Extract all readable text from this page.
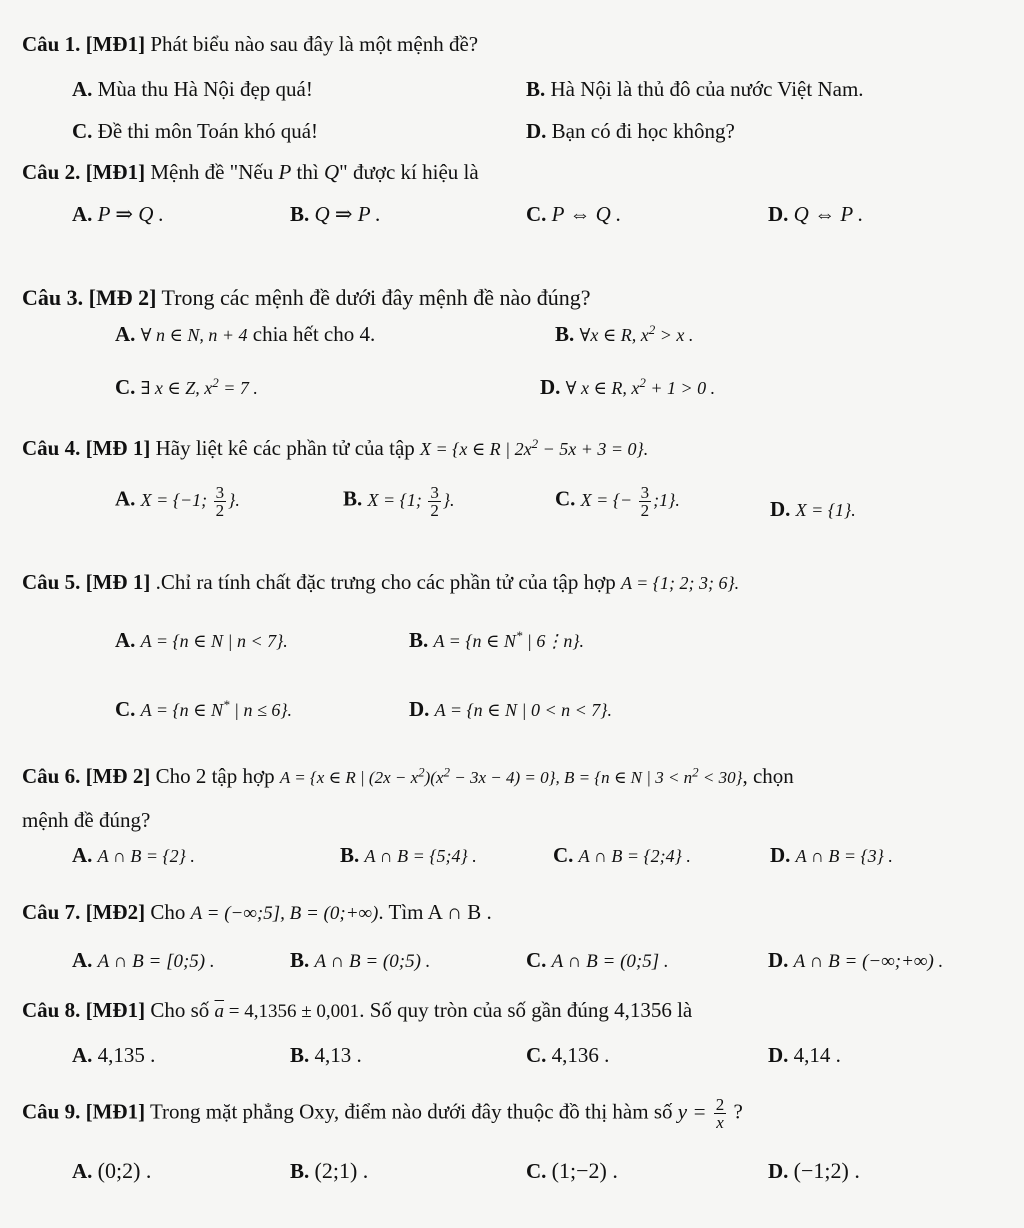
Câu 1. [MĐ1] Phát biểu nào sau đây là một mệnh đề?
A. Mùa thu Hà Nội đẹp quá!	B. Hà Nội là thủ đô của nước Việt Nam.
C. Đề thi môn Toán khó quá!	D. Bạn có đi học không?
Câu 2. [MĐ1] Mệnh đề "Nếu P thì Q" được kí hiệu là
A. P ⇒ Q .	B. Q ⇒ P .	C. P ⇔ Q .	D. Q ⇔ P .
Câu 3. [MĐ 2] Trong các mệnh đề dưới đây mệnh đề nào đúng?
A. ∀ n ∈ N, n + 4 chia hết cho 4.	B. ∀x ∈ R, $x^2 > x$ .
C. ∃ x ∈ Z, $x^2 = 7$ .	D. ∀ x ∈ R, $x^2 + 1 > 0$ .
Câu 4. [MĐ 1] Hãy liệt kê các phần tử của tập X = {x ∈ R | $2x^2 - 5x + 3 = 0$}.
A. X = {−1; $\frac{3}{2}$ }.	B. X = {1; $\frac{3}{2}$ }.	C. X = {− $\frac{3}{2}$ ;1}.	D. X = {1}.
Câu 5. [MĐ 1] .Chỉ ra tính chất đặc trưng cho các phần tử của tập hợp A = {1; 2; 3; 6}.
A. A = {n ∈ N | n < 7}.	B. A = {n ∈ N* | 6⋮n}.
C. A = {n ∈ N* | n ≤ 6}.	D. A = {n ∈ N | 0 < n < 7}.
Câu 6. [MĐ 2] Cho 2 tập hợp A = {x ∈ R | $(2x - x^2)(x^2 - 3x - 4) = 0$}, B = {n ∈ N | $3 < n^2 < 30$}, chọn
mệnh đề đúng?
A. A ∩ B = {2} .	B. A ∩ B = {5;4} .	C. A ∩ B = {2;4} .	D. A ∩ B = {3} .
Câu 7. [MĐ2] Cho A = (−∞;5], B = (0;+∞). Tìm A ∩ B .
A. A ∩ B = [0;5) .	B. A ∩ B = (0;5) .	C. A ∩ B = (0;5] .	D. A ∩ B = (−∞;+∞) .
Câu 8. [MĐ1] Cho số $\overline{a} = 4,1356 \pm 0,001$. Số quy tròn của số gần đúng 4,1356 là
A. 4,135 .	B. 4,13 .	C. 4,136 .	D. 4,14 .
Câu 9. [MĐ1] Trong mặt phẳng Oxy, điểm nào dưới đây thuộc đồ thị hàm số $y = \frac{2}{x}$ ?
A. (0;2) .	B. (2;1) .	C. (1;−2) .	D. (−1;2) .
